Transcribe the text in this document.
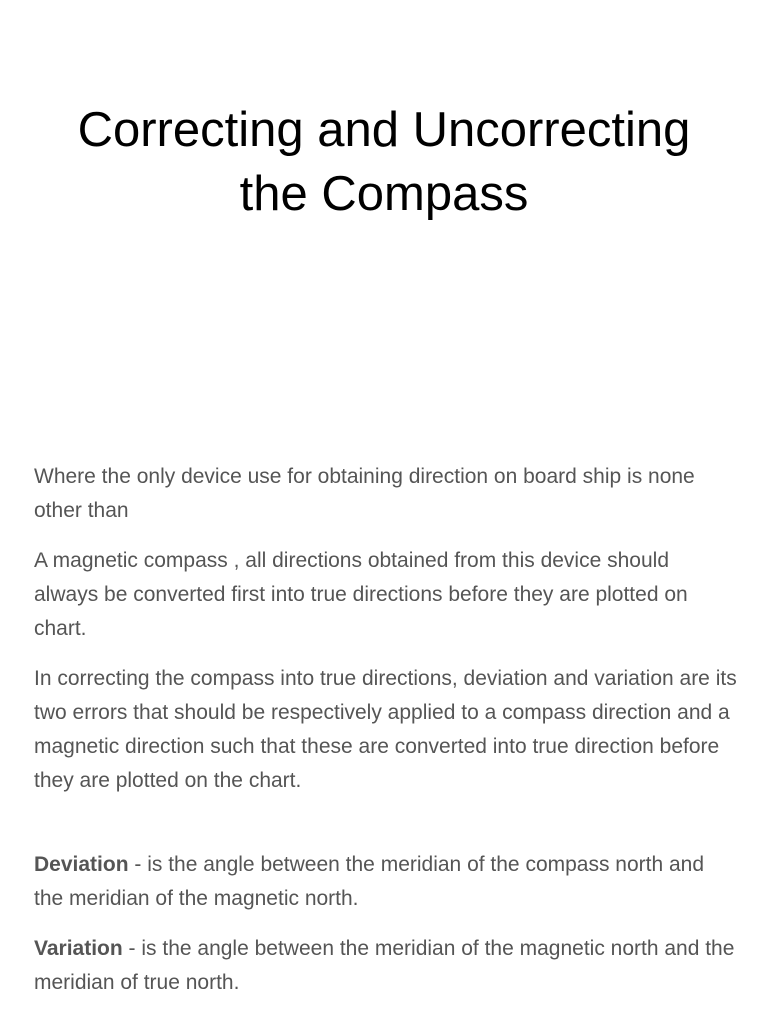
Correcting and Uncorrecting
the Compass

Where the only device use for obtaining direction on board ship is none other than

A magnetic compass , all directions obtained from this device should always be converted first into true directions before they are plotted on chart.

In correcting the compass into true directions, deviation and variation are its two errors that should be respectively applied to a compass direction and a magnetic direction such that these are converted into true direction before they are plotted on the chart.

Deviation - is the angle between the meridian of the compass north and the meridian of the magnetic north.

Variation - is the angle between the meridian of the magnetic north and the meridian of true north.
